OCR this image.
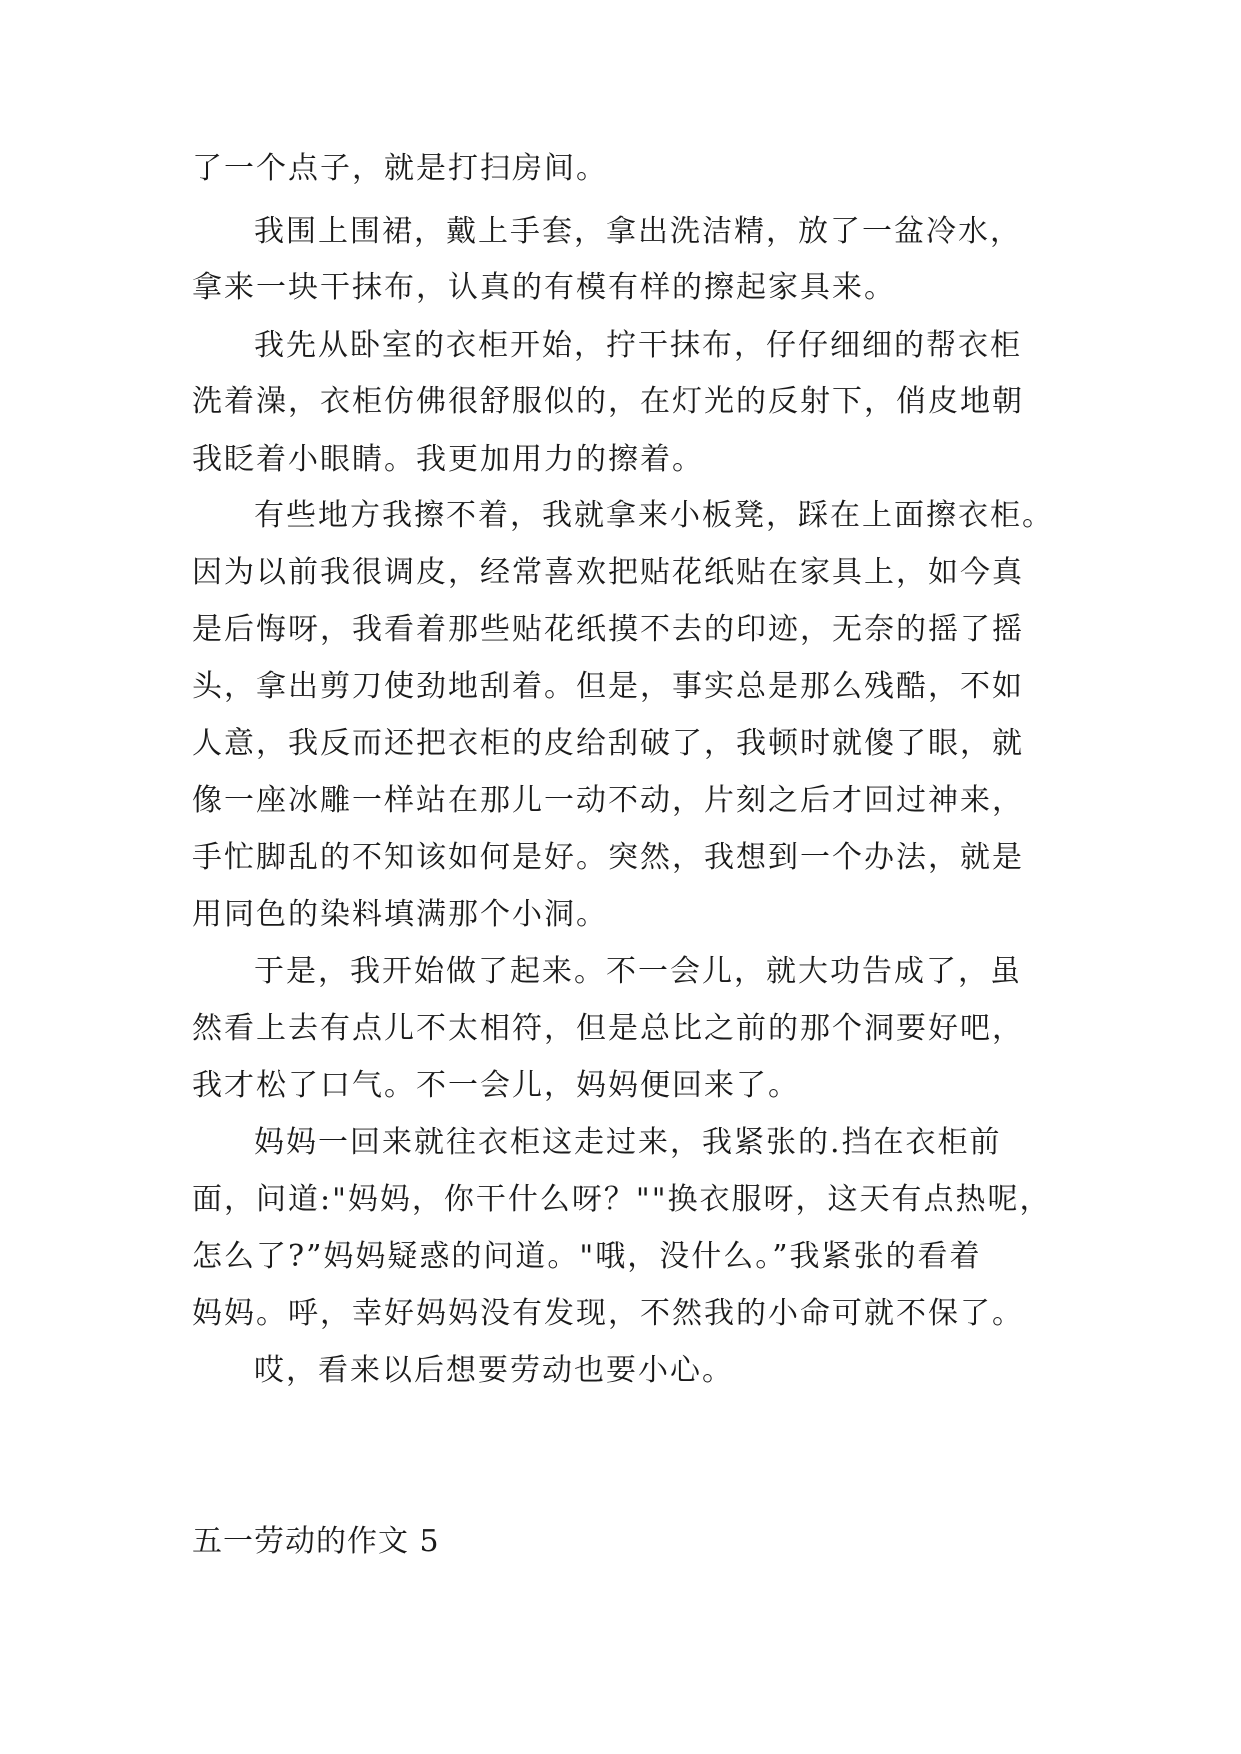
了一个点子，就是打扫房间。
我围上围裙，戴上手套，拿出洗洁精，放了一盆冷水，
拿来一块干抹布，认真的有模有样的擦起家具来。
我先从卧室的衣柜开始，拧干抹布，仔仔细细的帮衣柜
洗着澡，衣柜仿佛很舒服似的，在灯光的反射下，俏皮地朝
我眨着小眼睛。我更加用力的擦着。
有些地方我擦不着，我就拿来小板凳，踩在上面擦衣柜。
因为以前我很调皮，经常喜欢把贴花纸贴在家具上，如今真
是后悔呀，我看着那些贴花纸摸不去的印迹，无奈的摇了摇
头，拿出剪刀使劲地刮着。但是，事实总是那么残酷，不如
人意，我反而还把衣柜的皮给刮破了，我顿时就傻了眼，就
像一座冰雕一样站在那儿一动不动，片刻之后才回过神来，
手忙脚乱的不知该如何是好。突然，我想到一个办法，就是
用同色的染料填满那个小洞。
于是，我开始做了起来。不一会儿，就大功告成了，虽
然看上去有点儿不太相符，但是总比之前的那个洞要好吧，
我才松了口气。不一会儿，妈妈便回来了。
妈妈一回来就往衣柜这走过来，我紧张的.挡在衣柜前
面，问道:"妈妈，你干什么呀？""换衣服呀，这天有点热呢，
怎么了?”妈妈疑惑的问道。"哦，没什么。”我紧张的看着
妈妈。呼，幸好妈妈没有发现，不然我的小命可就不保了。
哎，看来以后想要劳动也要小心。
五一劳动的作文 5
